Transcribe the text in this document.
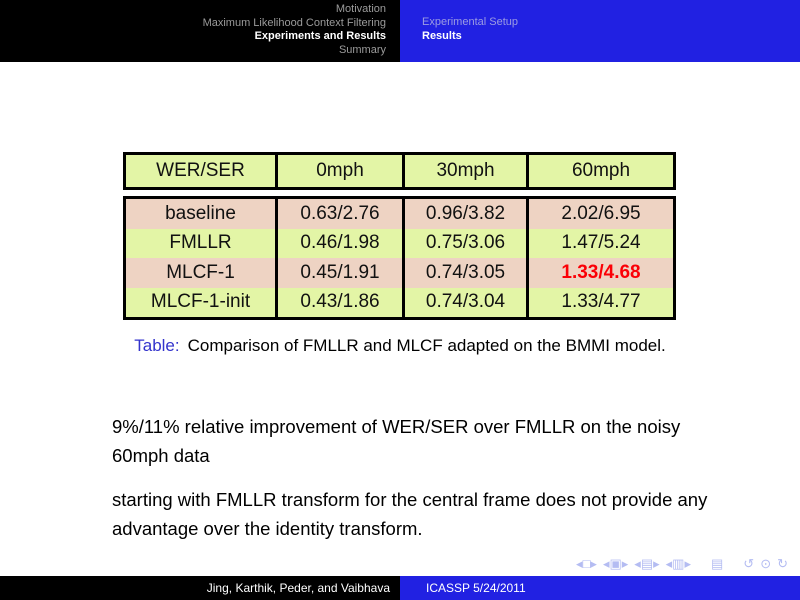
Motivation
Maximum Likelihood Context Filtering
Experiments and Results
Summary
Experimental Setup
Results
WER/SER	0mph	30mph	60mph
baseline	0.63/2.76	0.96/3.82	2.02/6.95
FMLLR	0.46/1.98	0.75/3.06	1.47/5.24
MLCF-1	0.45/1.91	0.74/3.05	1.33/4.68
MLCF-1-init	0.43/1.86	0.74/3.04	1.33/4.77
Table: Comparison of FMLLR and MLCF adapted on the BMMI model.

9%/11% relative improvement of WER/SER over FMLLR on the noisy 60mph data

starting with FMLLR transform for the central frame does not provide any advantage over the identity transform.

◂□▸ ◂▣▸ ◂▤▸ ◂▥▸ ▤ ↺ ⊙ ↻
Jing, Karthik, Peder, and Vaibhava	ICASSP 5/24/2011
